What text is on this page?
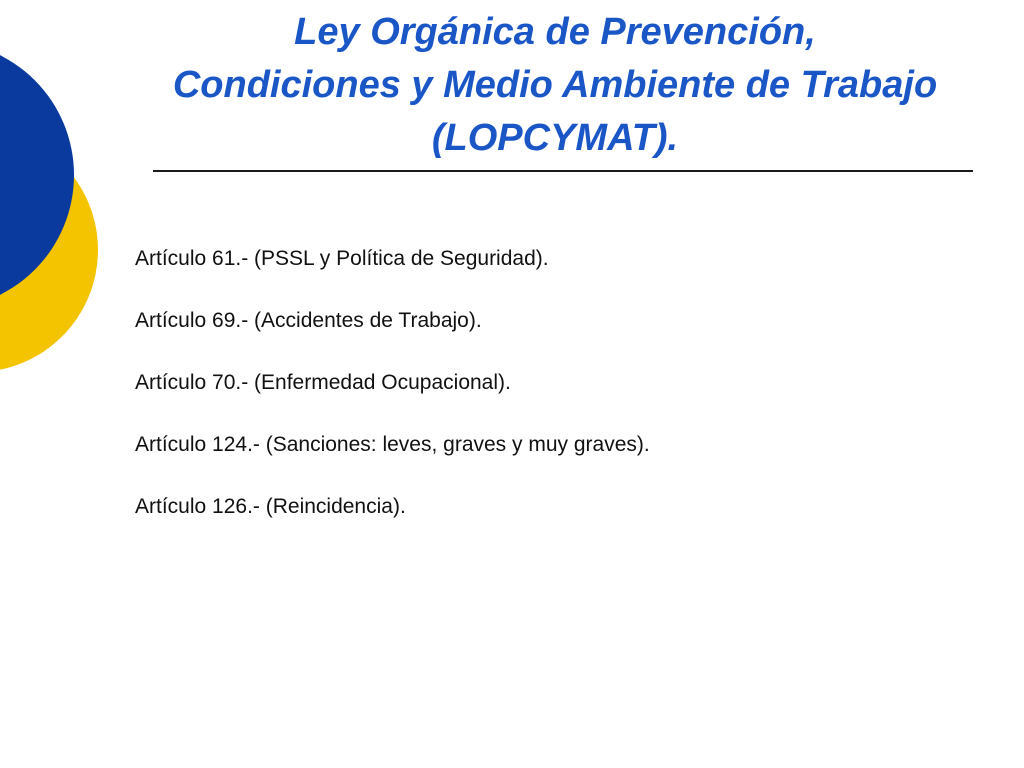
Ley Orgánica de Prevención,
Condiciones y Medio Ambiente de Trabajo
(LOPCYMAT).
Artículo 61.- (PSSL y Política de Seguridad).
Artículo 69.- (Accidentes de Trabajo).
Artículo 70.- (Enfermedad Ocupacional).
Artículo 124.- (Sanciones: leves, graves y muy graves).
Artículo 126.- (Reincidencia).
